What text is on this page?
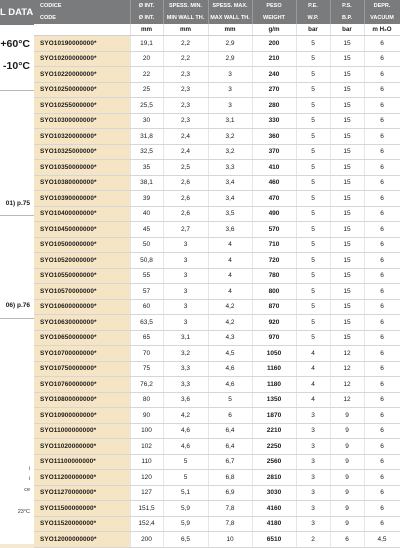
L DATA
+60°C
-10°C
01) p.75
06) p.76
i
i
ce
23°C
CODICE	Ø INT.	SPESS. MIN.	SPESS. MAX.	PESO	P.E.	P.S.	DEPR.
CODE	Ø INT.	MIN WALL TH.	MAX WALL TH.	WEIGHT	W.P.	B.P.	VACUUM
	mm	mm	mm	g/m	bar	bar	m H₂O
SYO10190000000*	19,1	2,2	2,9	200	5	15	6
SYO10200000000*	20	2,2	2,9	210	5	15	6
SYO10220000000*	22	2,3	3	240	5	15	6
SYO10250000000*	25	2,3	3	270	5	15	6
SYO10255000000*	25,5	2,3	3	280	5	15	6
SYO10300000000*	30	2,3	3,1	330	5	15	6
SYO10320000000*	31,8	2,4	3,2	360	5	15	6
SYO10325000000*	32,5	2,4	3,2	370	5	15	6
SYO10350000000*	35	2,5	3,3	410	5	15	6
SYO10380000000*	38,1	2,6	3,4	460	5	15	6
SYO10390000000*	39	2,6	3,4	470	5	15	6
SYO10400000000*	40	2,6	3,5	490	5	15	6
SYO10450000000*	45	2,7	3,6	570	5	15	6
SYO10500000000*	50	3	4	710	5	15	6
SYO10520000000*	50,8	3	4	720	5	15	6
SYO10550000000*	55	3	4	780	5	15	6
SYO10570000000*	57	3	4	800	5	15	6
SYO10600000000*	60	3	4,2	870	5	15	6
SYO10630000000*	63,5	3	4,2	920	5	15	6
SYO10650000000*	65	3,1	4,3	970	5	15	6
SYO10700000000*	70	3,2	4,5	1050	4	12	6
SYO10750000000*	75	3,3	4,6	1160	4	12	6
SYO10760000000*	76,2	3,3	4,6	1180	4	12	6
SYO10800000000*	80	3,6	5	1350	4	12	6
SYO10900000000*	90	4,2	6	1870	3	9	6
SYO11000000000*	100	4,6	6,4	2210	3	9	6
SYO11020000000*	102	4,6	6,4	2250	3	9	6
SYO11100000000*	110	5	6,7	2560	3	9	6
SYO11200000000*	120	5	6,8	2810	3	9	6
SYO11270000000*	127	5,1	6,9	3030	3	9	6
SYO11500000000*	151,5	5,9	7,8	4160	3	9	6
SYO11520000000*	152,4	5,9	7,8	4180	3	9	6
SYO12000000000*	200	6,5	10	6510	2	6	4,5
